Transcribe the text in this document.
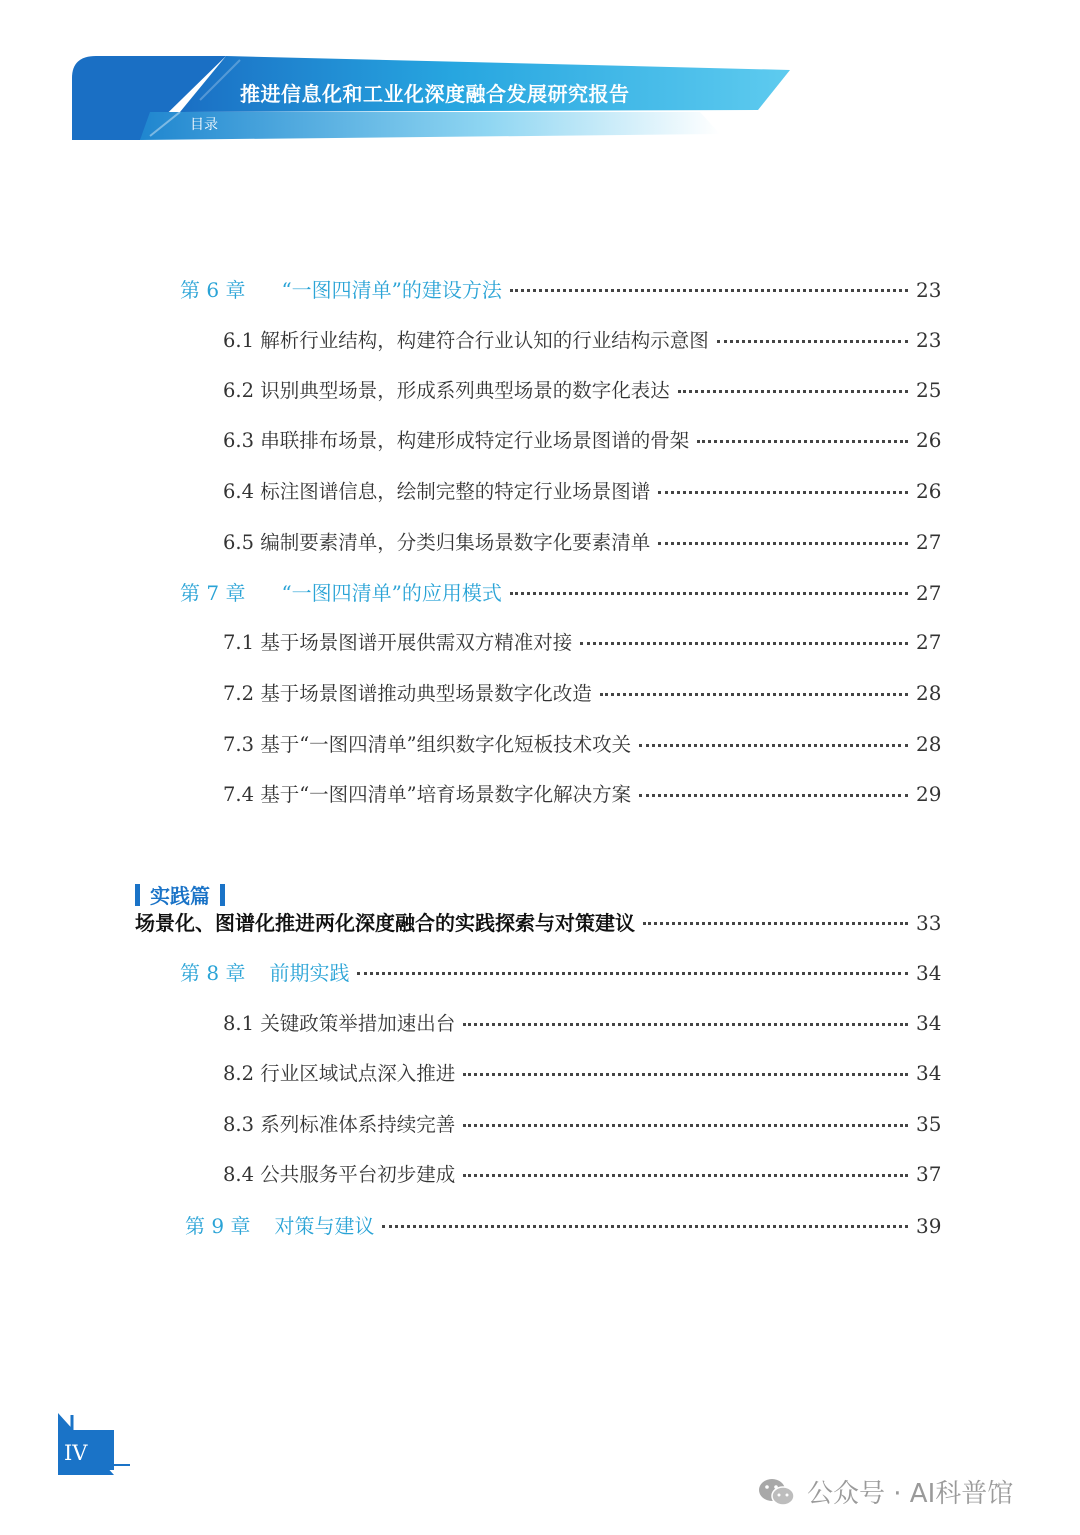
推进信息化和工业化深度融合发展研究报告
目录
第 6 章 “一图四清单”的建设方法	23
6.1 解析行业结构，构建符合行业认知的行业结构示意图	23
6.2 识别典型场景，形成系列典型场景的数字化表达	25
6.3 串联排布场景，构建形成特定行业场景图谱的骨架	26
6.4 标注图谱信息，绘制完整的特定行业场景图谱	26
6.5 编制要素清单，分类归集场景数字化要素清单	27
第 7 章 “一图四清单”的应用模式	27
7.1 基于场景图谱开展供需双方精准对接	27
7.2 基于场景图谱推动典型场景数字化改造	28
7.3 基于“一图四清单”组织数字化短板技术攻关	28
7.4 基于“一图四清单”培育场景数字化解决方案	29
实践篇
场景化、图谱化推进两化深度融合的实践探索与对策建议	33
第 8 章 前期实践	34
8.1 关键政策举措加速出台	34
8.2 行业区域试点深入推进	34
8.3 系列标准体系持续完善	35
8.4 公共服务平台初步建成	37
第 9 章 对策与建议	39
IV
公众号 · AI科普馆
